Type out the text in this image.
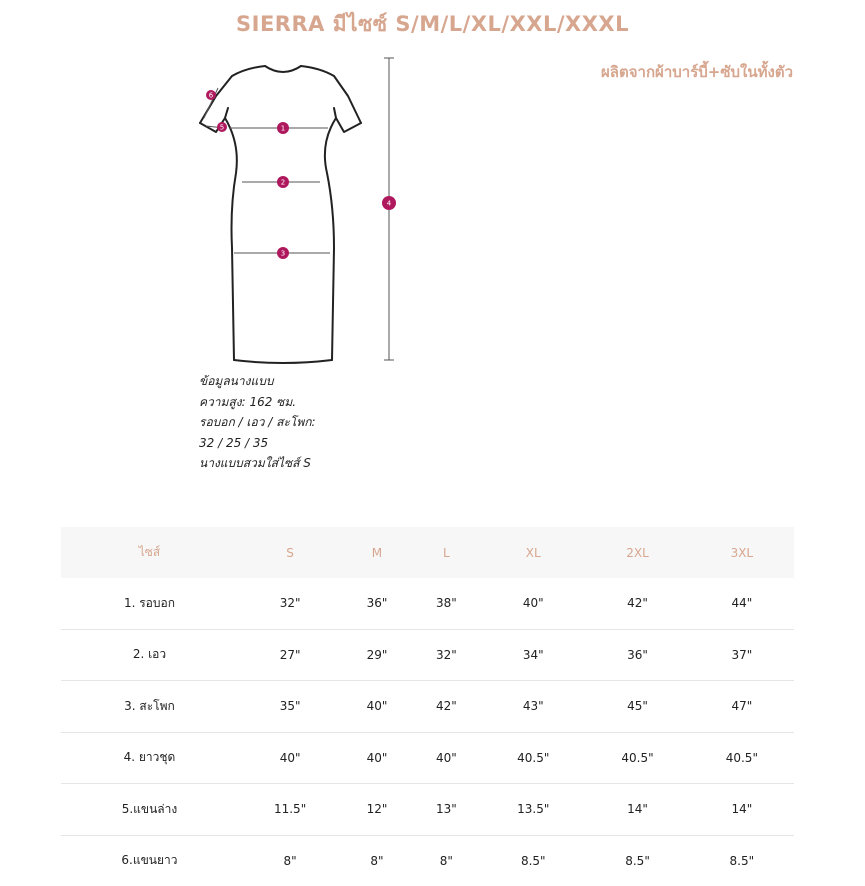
SIERRA มีไซซ์ S/M/L/XL/XXL/XXXL
ผลิตจากผ้าบาร์บี้+ซับในทั้งตัว
1
2
3
4
5
6
ข้อมูลนางแบบ
ความสูง: 162 ซม.
รอบอก / เอว / สะโพก:
32 / 25 / 35
นางแบบสวมใส่ไซส์ S
ไซส์	S	M	L	XL	2XL	3XL
1. รอบอก	32"	36"	38"	40"	42"	44"
2. เอว	27"	29"	32"	34"	36"	37"
3. สะโพก	35"	40"	42"	43"	45"	47"
4. ยาวชุด	40"	40"	40"	40.5"	40.5"	40.5"
5.แขนล่าง	11.5"	12"	13"	13.5"	14"	14"
6.แขนยาว	8"	8"	8"	8.5"	8.5"	8.5"
